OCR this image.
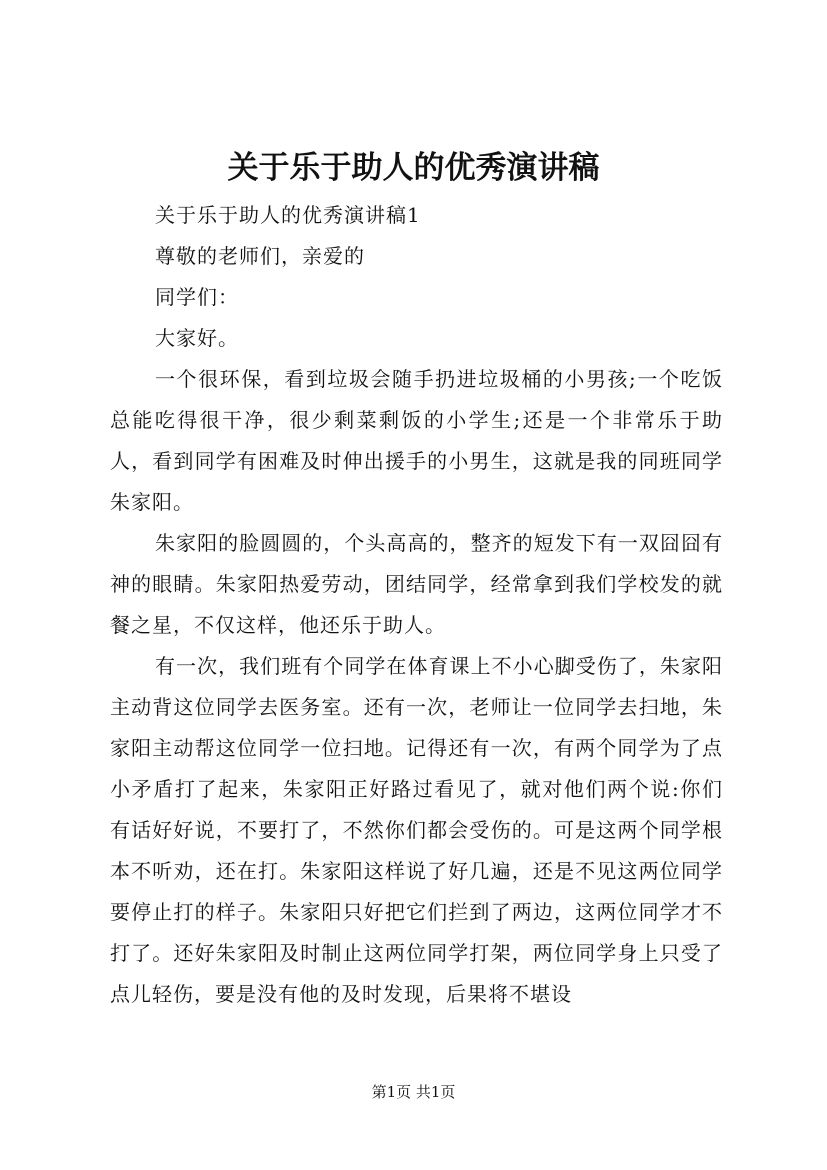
关于乐于助人的优秀演讲稿

关于乐于助人的优秀演讲稿1

尊敬的老师们，亲爱的

同学们：

大家好。

一个很环保，看到垃圾会随手扔进垃圾桶的小男孩;一个吃饭总能吃得很干净，很少剩菜剩饭的小学生;还是一个非常乐于助人，看到同学有困难及时伸出援手的小男生，这就是我的同班同学朱家阳。

朱家阳的脸圆圆的，个头高高的，整齐的短发下有一双囧囧有神的眼睛。朱家阳热爱劳动，团结同学，经常拿到我们学校发的就餐之星，不仅这样，他还乐于助人。

有一次，我们班有个同学在体育课上不小心脚受伤了，朱家阳主动背这位同学去医务室。还有一次，老师让一位同学去扫地，朱家阳主动帮这位同学一位扫地。记得还有一次，有两个同学为了点小矛盾打了起来，朱家阳正好路过看见了，就对他们两个说:你们有话好好说，不要打了，不然你们都会受伤的。可是这两个同学根本不听劝，还在打。朱家阳这样说了好几遍，还是不见这两位同学要停止打的样子。朱家阳只好把它们拦到了两边，这两位同学才不打了。还好朱家阳及时制止这两位同学打架，两位同学身上只受了点儿轻伤，要是没有他的及时发现，后果将不堪设

第1页 共1页
